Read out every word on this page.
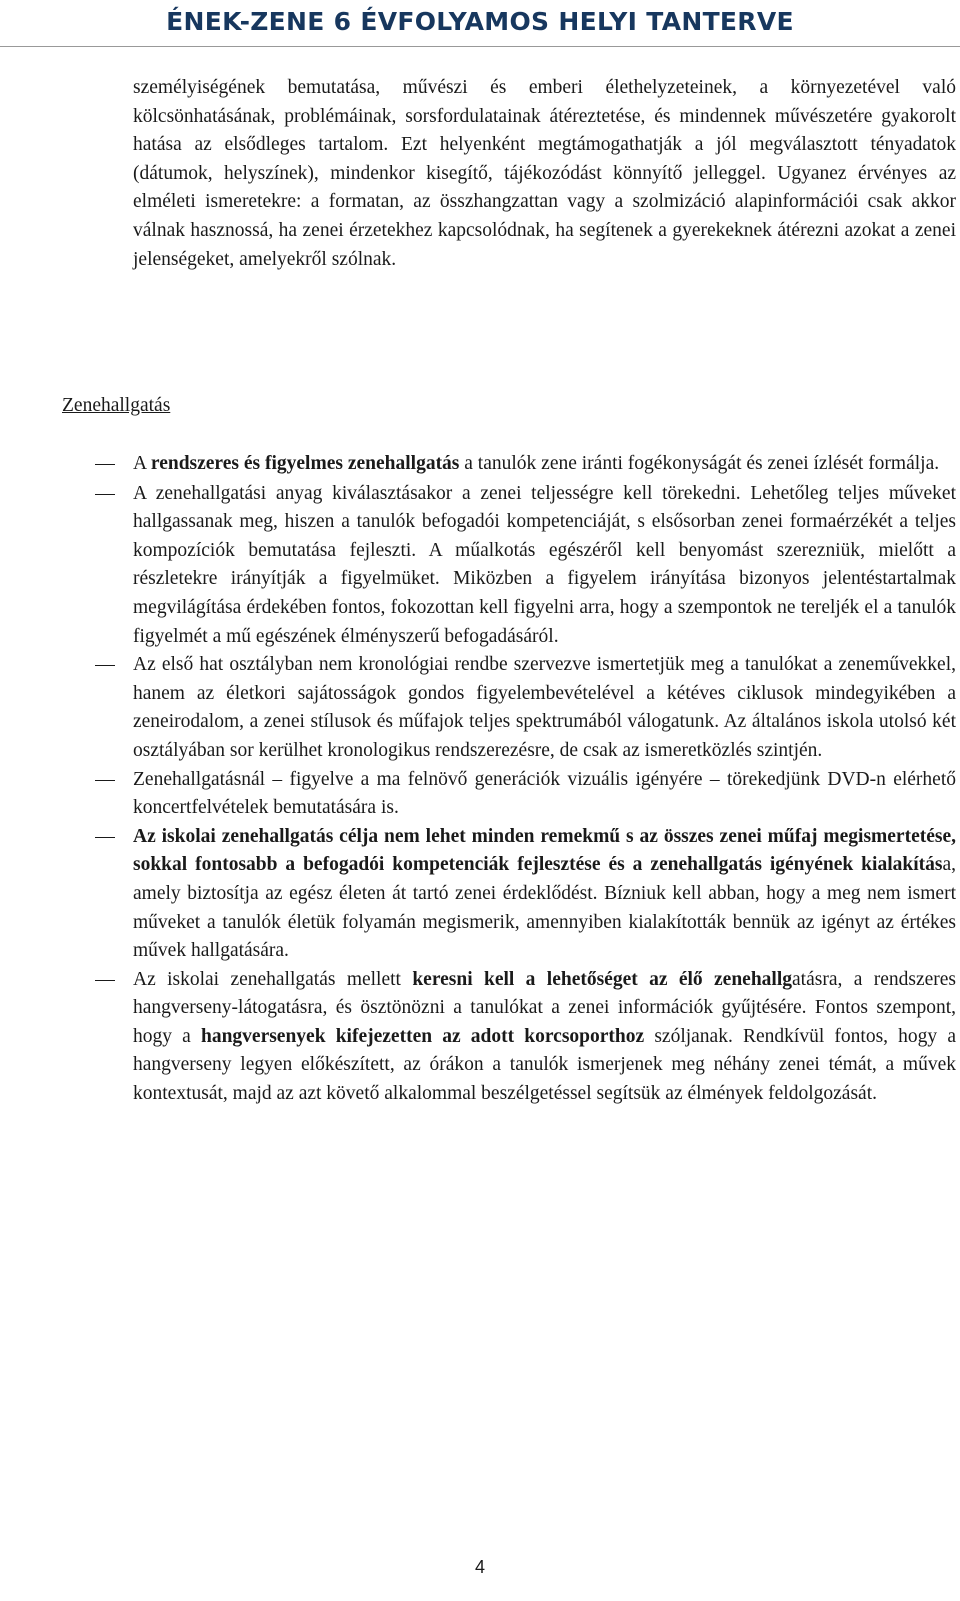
ÉNEK-ZENE 6 ÉVFOLYAMOS HELYI TANTERVE
személyiségének bemutatása, művészi és emberi élethelyzeteinek, a környezetével való kölcsönhatásának, problémáinak, sorsfordulatainak átéreztetése, és mindennek művészetére gyakorolt hatása az elsődleges tartalom. Ezt helyenként megtámogathatják a jól megválasztott tényadatok (dátumok, helyszínek), mindenkor kisegítő, tájékozódást könnyítő jelleggel. Ugyanez érvényes az elméleti ismeretekre: a formatan, az összhangzattan vagy a szolmizáció alapinformációi csak akkor válnak hasznossá, ha zenei érzetekhez kapcsolódnak, ha segítenek a gyerekeknek átérezni azokat a zenei jelenségeket, amelyekről szólnak.
Zenehallgatás
A rendszeres és figyelmes zenehallgatás a tanulók zene iránti fogékonyságát és zenei ízlését formálja.
A zenehallgatási anyag kiválasztásakor a zenei teljességre kell törekedni. Lehetőleg teljes műveket hallgassanak meg, hiszen a tanulók befogadói kompetenciáját, s elsősorban zenei formaérzékét a teljes kompozíciók bemutatása fejleszti. A műalkotás egészéről kell benyomást szerezniük, mielőtt a részletekre irányítják a figyelmüket. Miközben a figyelem irányítása bizonyos jelentéstartalmak megvilágítása érdekében fontos, fokozottan kell figyelni arra, hogy a szempontok ne tereljék el a tanulók figyelmét a mű egészének élményszerű befogadásáról.
Az első hat osztályban nem kronológiai rendbe szervezve ismertetjük meg a tanulókat a zeneművekkel, hanem az életkori sajátosságok gondos figyelembevételével a kétéves ciklusok mindegyikében a zeneirodalom, a zenei stílusok és műfajok teljes spektrumából válogatunk. Az általános iskola utolsó két osztályában sor kerülhet kronologikus rendszerezésre, de csak az ismeretközlés szintjén.
Zenehallgatásnál – figyelve a ma felnövő generációk vizuális igényére – törekedjünk DVD-n elérhető koncertfelvételek bemutatására is.
Az iskolai zenehallgatás célja nem lehet minden remekmű s az összes zenei műfaj megismertetése, sokkal fontosabb a befogadói kompetenciák fejlesztése és a zenehallgatás igényének kialakítása, amely biztosítja az egész életen át tartó zenei érdeklődést. Bízniuk kell abban, hogy a meg nem ismert műveket a tanulók életük folyamán megismerik, amennyiben kialakították bennük az igényt az értékes művek hallgatására.
Az iskolai zenehallgatás mellett keresni kell a lehetőséget az élő zenehallgatásra, a rendszeres hangverseny-látogatásra, és ösztönözni a tanulókat a zenei információk gyűjtésére. Fontos szempont, hogy a hangversenyek kifejezetten az adott korcsoporthoz szóljanak. Rendkívül fontos, hogy a hangverseny legyen előkészített, az órákon a tanulók ismerjenek meg néhány zenei témát, a művek kontextusát, majd az azt követő alkalommal beszélgetéssel segítsük az élmények feldolgozását.
4
